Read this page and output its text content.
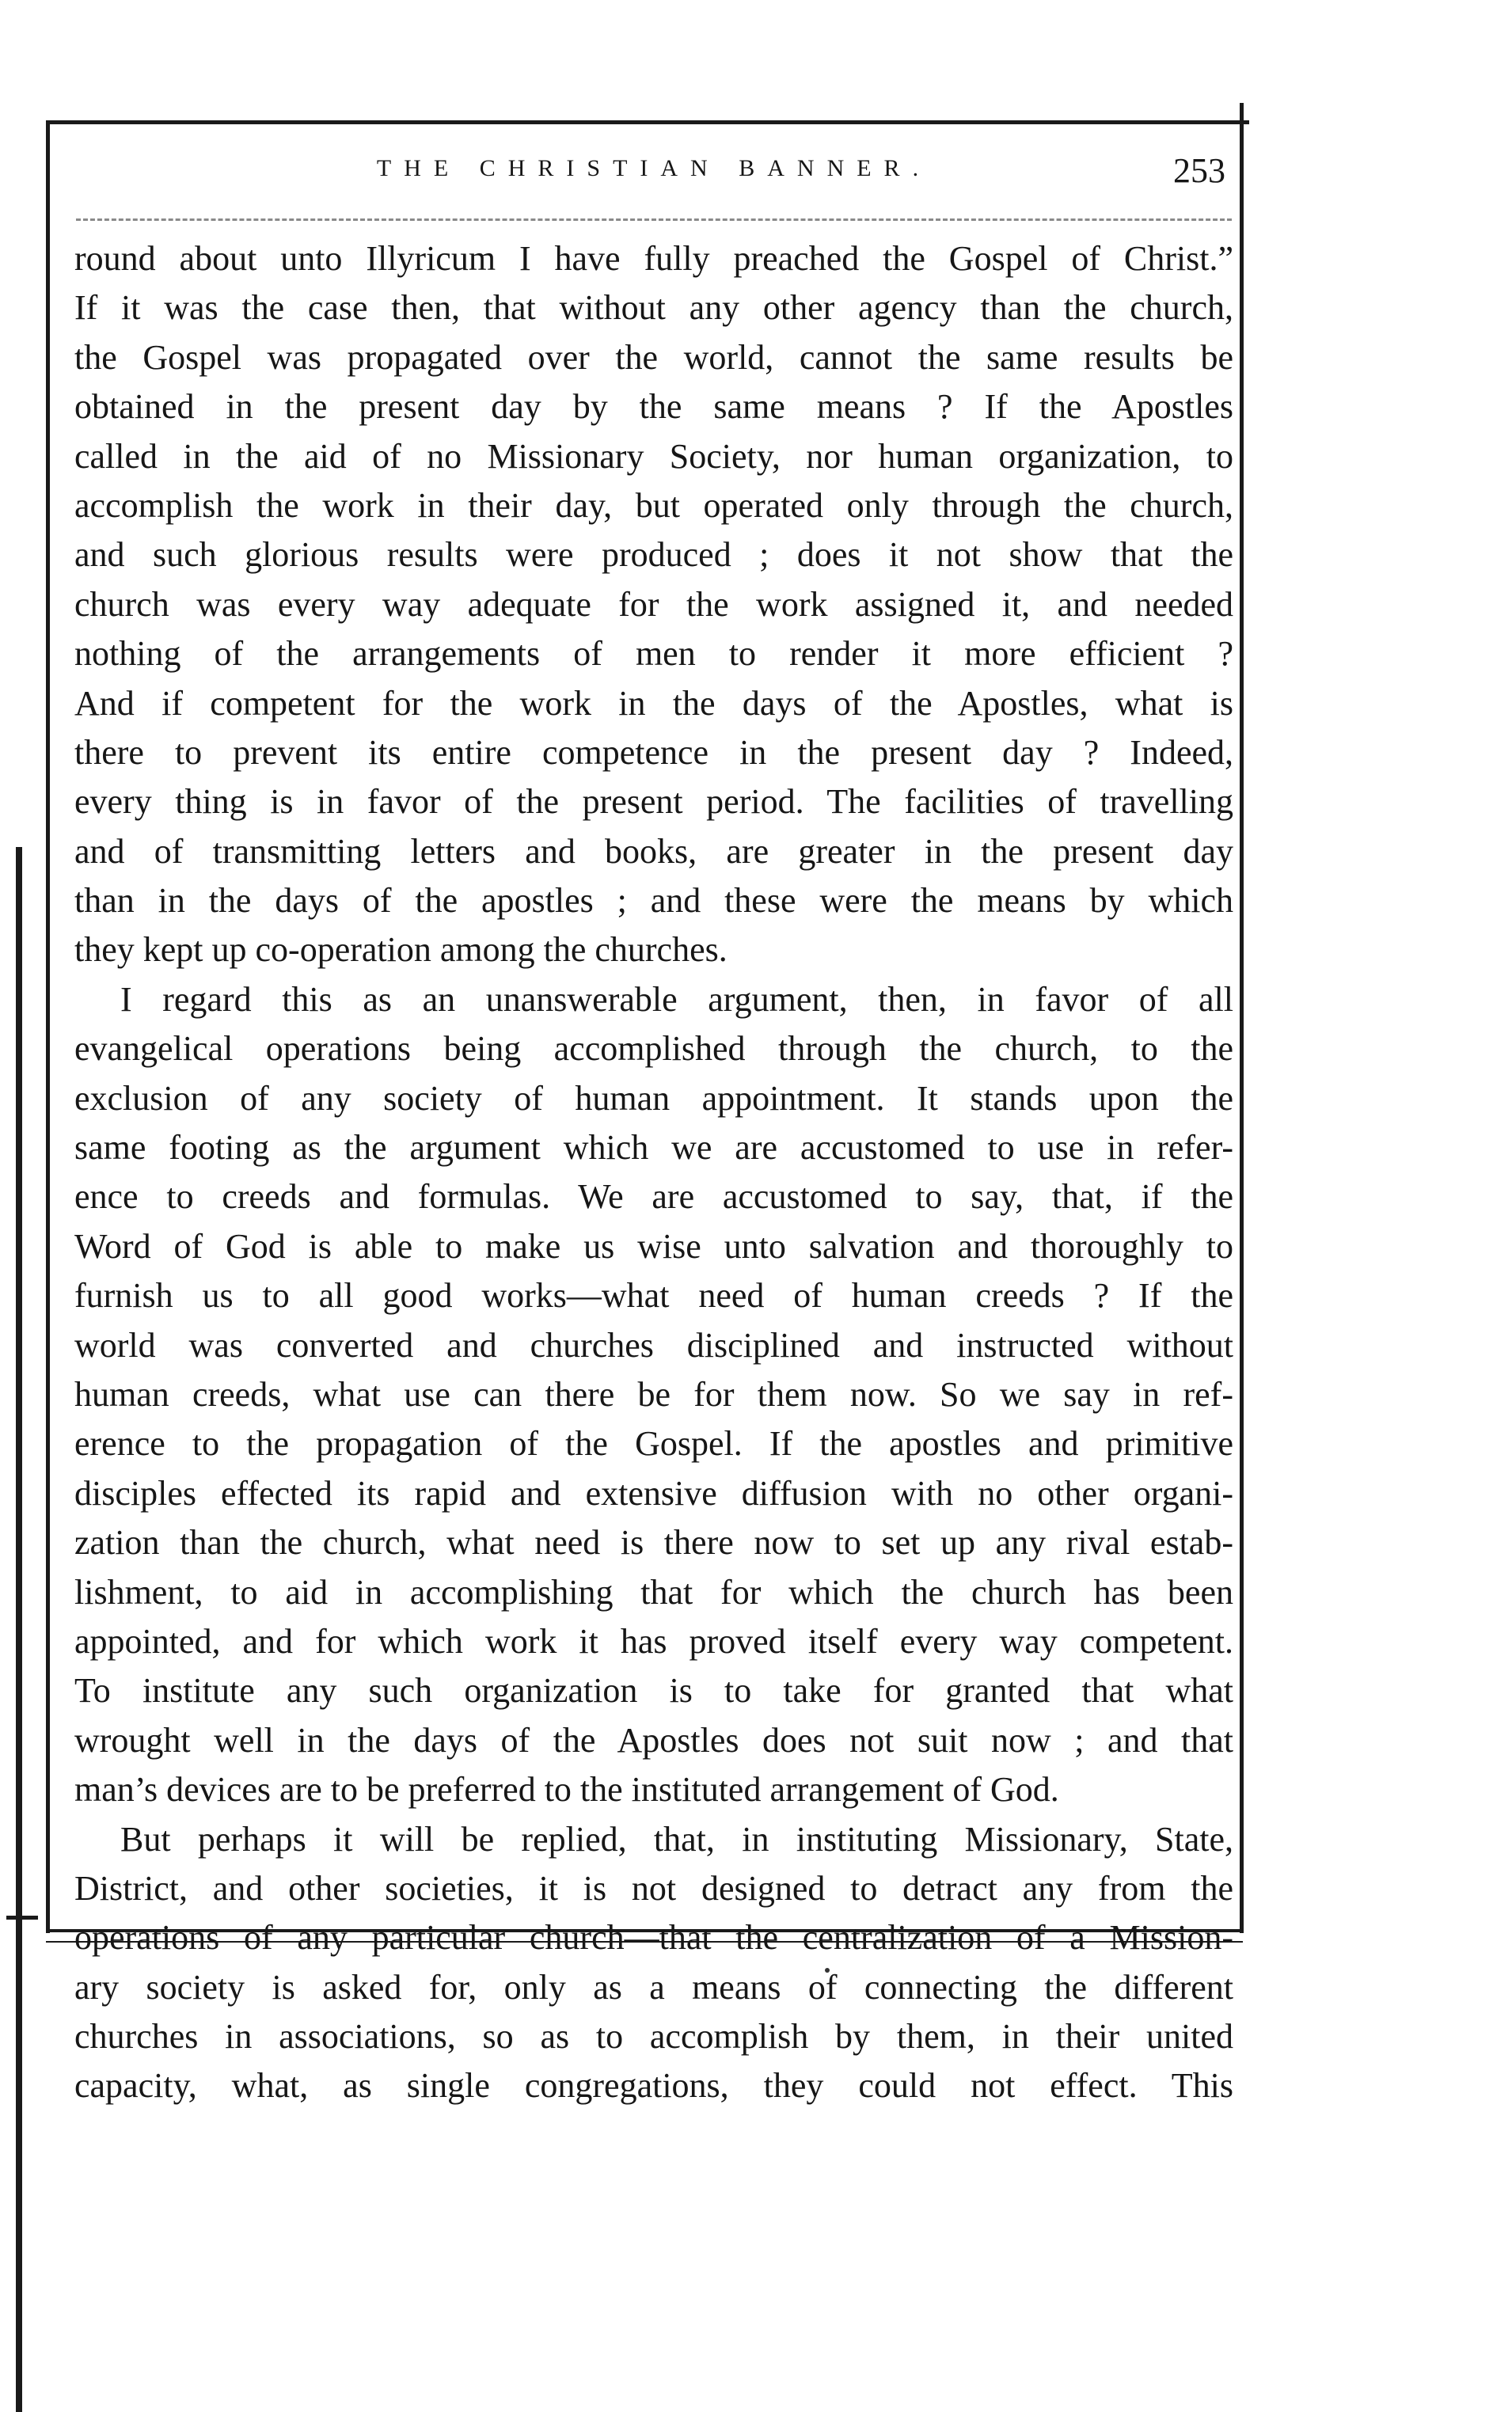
THE CHRISTIAN BANNER.	253
round about unto Illyricum I have fully preached the Gospel of Christ.”
If it was the case then, that without any other agency than the church,
the Gospel was propagated over the world, cannot the same results be
obtained in the present day by the same means ? If the Apostles
called in the aid of no Missionary Society, nor human organization, to
accomplish the work in their day, but operated only through the church,
and such glorious results were produced ; does it not show that the
church was every way adequate for the work assigned it, and needed
nothing of the arrangements of men to render it more efficient ?
And if competent for the work in the days of the Apostles, what is
there to prevent its entire competence in the present day ? Indeed,
every thing is in favor of the present period. The facilities of travelling
and of transmitting letters and books, are greater in the present day
than in the days of the apostles ; and these were the means by which
they kept up co-operation among the churches.
I regard this as an unanswerable argument, then, in favor of all
evangelical operations being accomplished through the church, to the
exclusion of any society of human appointment. It stands upon the
same footing as the argument which we are accustomed to use in refer-
ence to creeds and formulas. We are accustomed to say, that, if the
Word of God is able to make us wise unto salvation and thoroughly to
furnish us to all good works—what need of human creeds ? If the
world was converted and churches disciplined and instructed without
human creeds, what use can there be for them now. So we say in ref-
erence to the propagation of the Gospel. If the apostles and primitive
disciples effected its rapid and extensive diffusion with no other organi-
zation than the church, what need is there now to set up any rival estab-
lishment, to aid in accomplishing that for which the church has been
appointed, and for which work it has proved itself every way competent.
To institute any such organization is to take for granted that what
wrought well in the days of the Apostles does not suit now ; and that
man’s devices are to be preferred to the instituted arrangement of God.
But perhaps it will be replied, that, in instituting Missionary, State,
District, and other societies, it is not designed to detract any from the
operations of any particular church—that the centralization of a Mission-
ary society is asked for, only as a means of connecting the different
churches in associations, so as to accomplish by them, in their united
capacity, what, as single congregations, they could not effect. This
